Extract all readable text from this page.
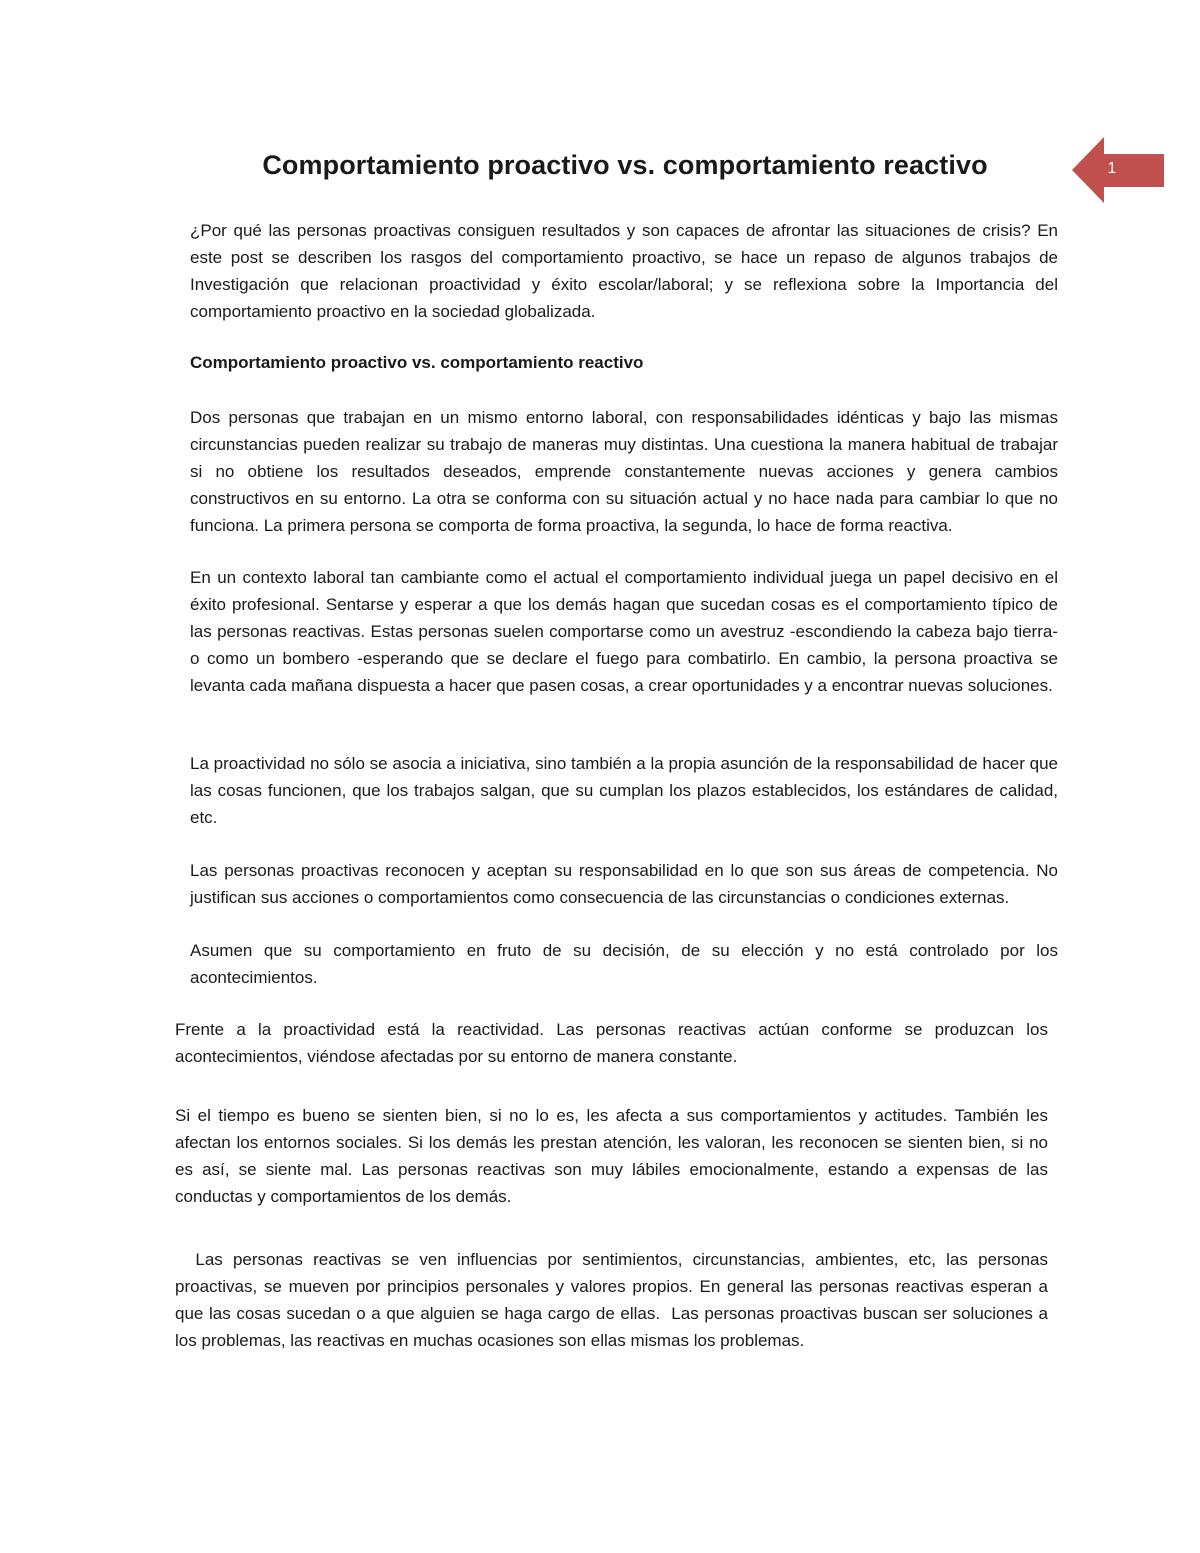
Comportamiento proactivo vs. comportamiento reactivo	1

¿Por qué las personas proactivas consiguen resultados y son capaces de afrontar las situaciones de crisis? En este post se describen los rasgos del comportamiento proactivo, se hace un repaso de algunos trabajos de Investigación que relacionan proactividad y éxito escolar/laboral; y se reflexiona sobre la Importancia del comportamiento proactivo en la sociedad globalizada.

Comportamiento proactivo vs. comportamiento reactivo

Dos personas que trabajan en un mismo entorno laboral, con responsabilidades idénticas y bajo las mismas circunstancias pueden realizar su trabajo de maneras muy distintas. Una cuestiona la manera habitual de trabajar si no obtiene los resultados deseados, emprende constantemente nuevas acciones y genera cambios constructivos en su entorno. La otra se conforma con su situación actual y no hace nada para cambiar lo que no funciona. La primera persona se comporta de forma proactiva, la segunda, lo hace de forma reactiva.

En un contexto laboral tan cambiante como el actual el comportamiento individual juega un papel decisivo en el éxito profesional. Sentarse y esperar a que los demás hagan que sucedan cosas es el comportamiento típico de las personas reactivas. Estas personas suelen comportarse como un avestruz -escondiendo la cabeza bajo tierra- o como un bombero -esperando que se declare el fuego para combatirlo. En cambio, la persona proactiva se levanta cada mañana dispuesta a hacer que pasen cosas, a crear oportunidades y a encontrar nuevas soluciones.

La proactividad no sólo se asocia a iniciativa, sino también a la propia asunción de la responsabilidad de hacer que las cosas funcionen, que los trabajos salgan, que su cumplan los plazos establecidos, los estándares de calidad, etc.

Las personas proactivas reconocen y aceptan su responsabilidad en lo que son sus áreas de competencia. No justifican sus acciones o comportamientos como consecuencia de las circunstancias o condiciones externas.

Asumen que su comportamiento en fruto de su decisión, de su elección y no está controlado por los acontecimientos.

Frente a la proactividad está la reactividad. Las personas reactivas actúan conforme se produzcan los acontecimientos, viéndose afectadas por su entorno de manera constante.

Si el tiempo es bueno se sienten bien, si no lo es, les afecta a sus comportamientos y actitudes. También les afectan los entornos sociales. Si los demás les prestan atención, les valoran, les reconocen se sienten bien, si no es así, se siente mal. Las personas reactivas son muy lábiles emocionalmente, estando a expensas de las conductas y comportamientos de los demás.

Las personas reactivas se ven influencias por sentimientos, circunstancias, ambientes, etc, las personas proactivas, se mueven por principios personales y valores propios. En general las personas reactivas esperan a que las cosas sucedan o a que alguien se haga cargo de ellas.  Las personas proactivas buscan ser soluciones a los problemas, las reactivas en muchas ocasiones son ellas mismas los problemas.
